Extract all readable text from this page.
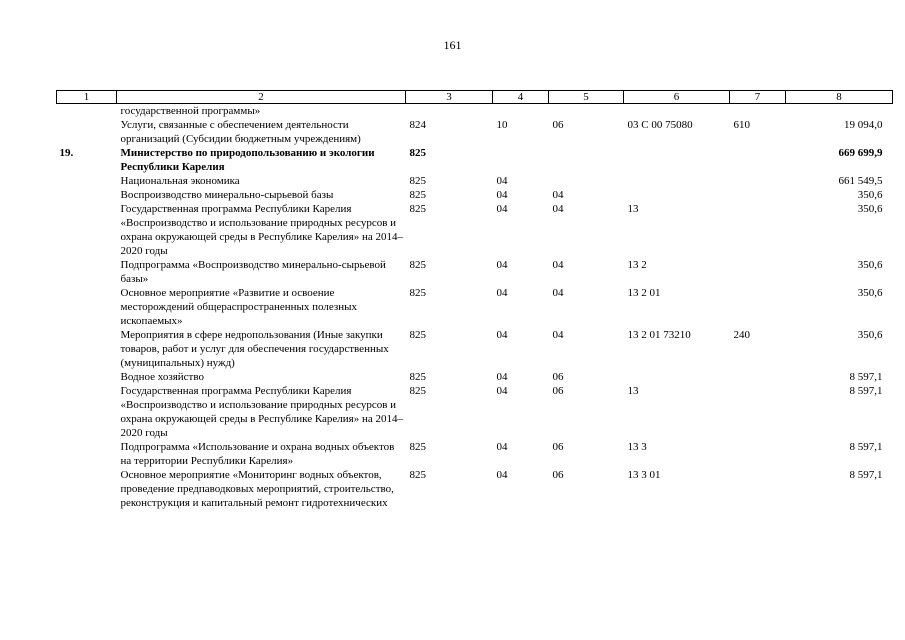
161
1	2	3	4	5	6	7	8
	государственной программы»						
	Услуги, связанные с обеспечением деятельности организаций (Субсидии бюджетным учреждениям)	824	10	06	03 С 00 75080	610	19 094,0
19.	Министерство по природопользованию и экологии Республики Карелия	825					669 699,9
	Национальная экономика	825	04				661 549,5
	Воспроизводство минерально-сырьевой базы	825	04	04			350,6
	Государственная программа Республики Карелия «Воспроизводство и использование природных ресурсов и охрана окружающей среды в Республике Карелия» на 2014–2020 годы	825	04	04	13		350,6
	Подпрограмма «Воспроизводство минерально-сырьевой базы»	825	04	04	13 2		350,6
	Основное мероприятие «Развитие и освоение месторождений общераспространенных полезных ископаемых»	825	04	04	13 2 01		350,6
	Мероприятия в сфере недропользования (Иные закупки товаров, работ и услуг для обеспечения государственных (муниципальных) нужд)	825	04	04	13 2 01 73210	240	350,6
	Водное хозяйство	825	04	06			8 597,1
	Государственная программа Республики Карелия «Воспроизводство и использование природных ресурсов и охрана окружающей среды в Республике Карелия» на 2014–2020 годы	825	04	06	13		8 597,1
	Подпрограмма «Использование и охрана водных объектов на территории Республики Карелия»	825	04	06	13 3		8 597,1
	Основное мероприятие «Мониторинг водных объектов, проведение предпаводковых мероприятий, строительство, реконструкция и капитальный ремонт гидротехнических	825	04	06	13 3 01		8 597,1
